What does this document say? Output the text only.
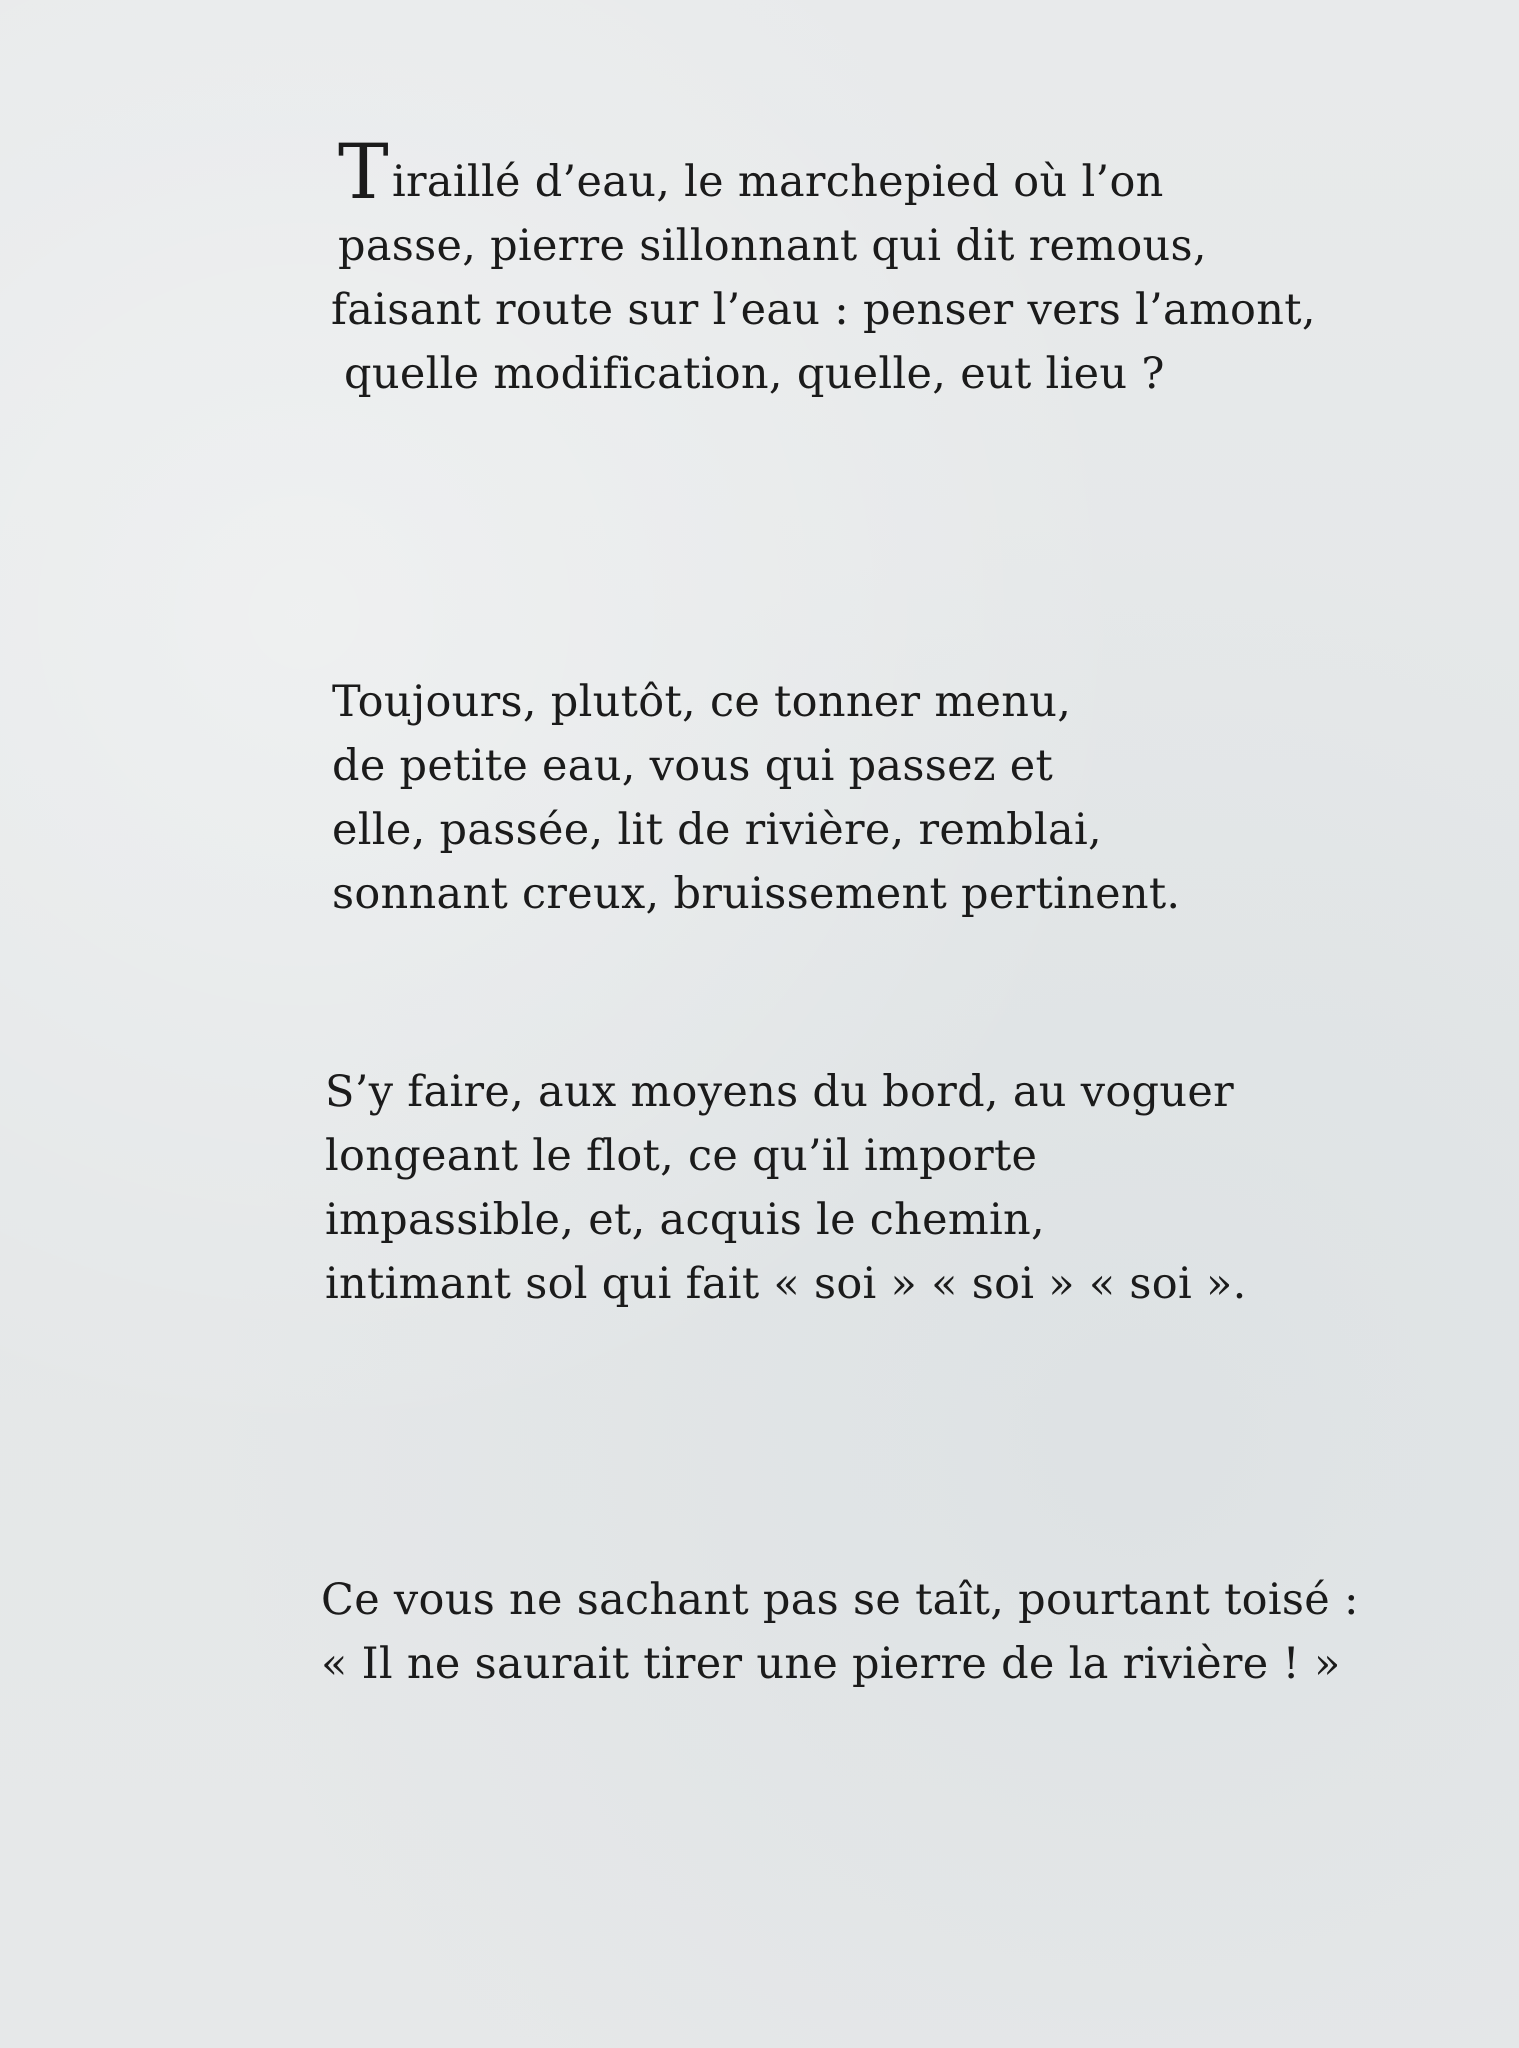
Tiraillé d’eau, le marchepied où l’on
passe, pierre sillonnant qui dit remous,
faisant route sur l’eau : penser vers l’amont,
quelle modification, quelle, eut lieu ?
Toujours, plutôt, ce tonner menu,
de petite eau, vous qui passez et
elle, passée, lit de rivière, remblai,
sonnant creux, bruissement pertinent.
S’y faire, aux moyens du bord, au voguer
longeant le flot, ce qu’il importe
impassible, et, acquis le chemin,
intimant sol qui fait « soi » « soi » « soi ».
Ce vous ne sachant pas se taît, pourtant toisé :
« Il ne saurait tirer une pierre de la rivière ! »
